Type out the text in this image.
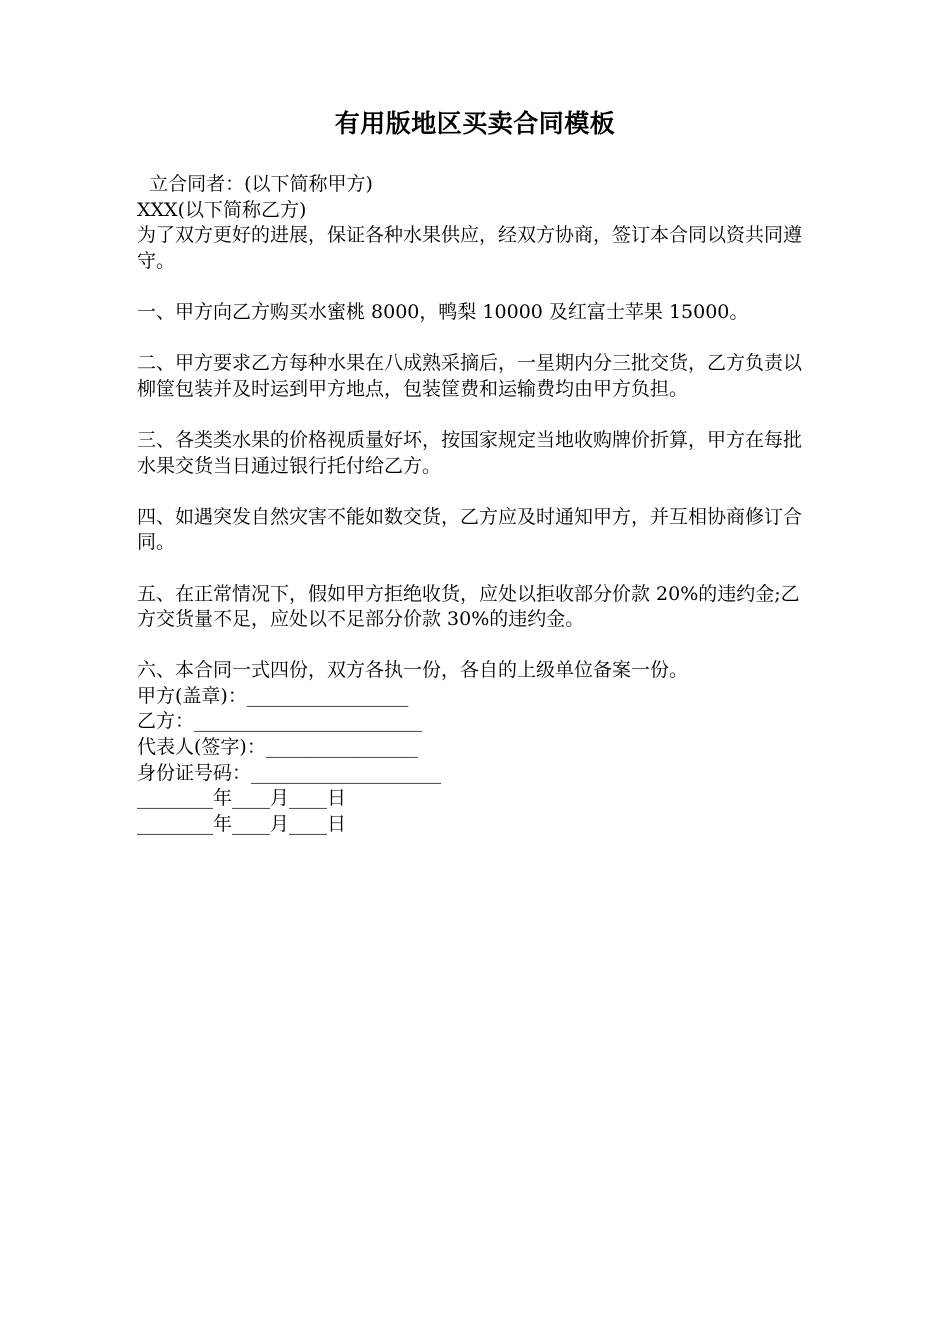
有用版地区买卖合同模板

立合同者：(以下简称甲方)

XXX(以下简称乙方)

为了双方更好的进展，保证各种水果供应，经双方协商，签订本合同以资共同遵守。

一、甲方向乙方购买水蜜桃 8000，鸭梨 10000 及红富士苹果 15000。

二、甲方要求乙方每种水果在八成熟采摘后，一星期内分三批交货，乙方负责以柳筐包装并及时运到甲方地点，包装筐费和运输费均由甲方负担。

三、各类类水果的价格视质量好坏，按国家规定当地收购牌价折算，甲方在每批水果交货当日通过银行托付给乙方。

四、如遇突发自然灾害不能如数交货，乙方应及时通知甲方，并互相协商修订合同。

五、在正常情况下，假如甲方拒绝收货，应处以拒收部分价款 20%的违约金;乙方交货量不足，应处以不足部分价款 30%的违约金。

六、本合同一式四份，双方各执一份，各自的上级单位备案一份。

甲方(盖章)：_________________

乙方：________________________

代表人(签字)：________________

身份证号码：____________________

________年____月____日

________年____月____日
